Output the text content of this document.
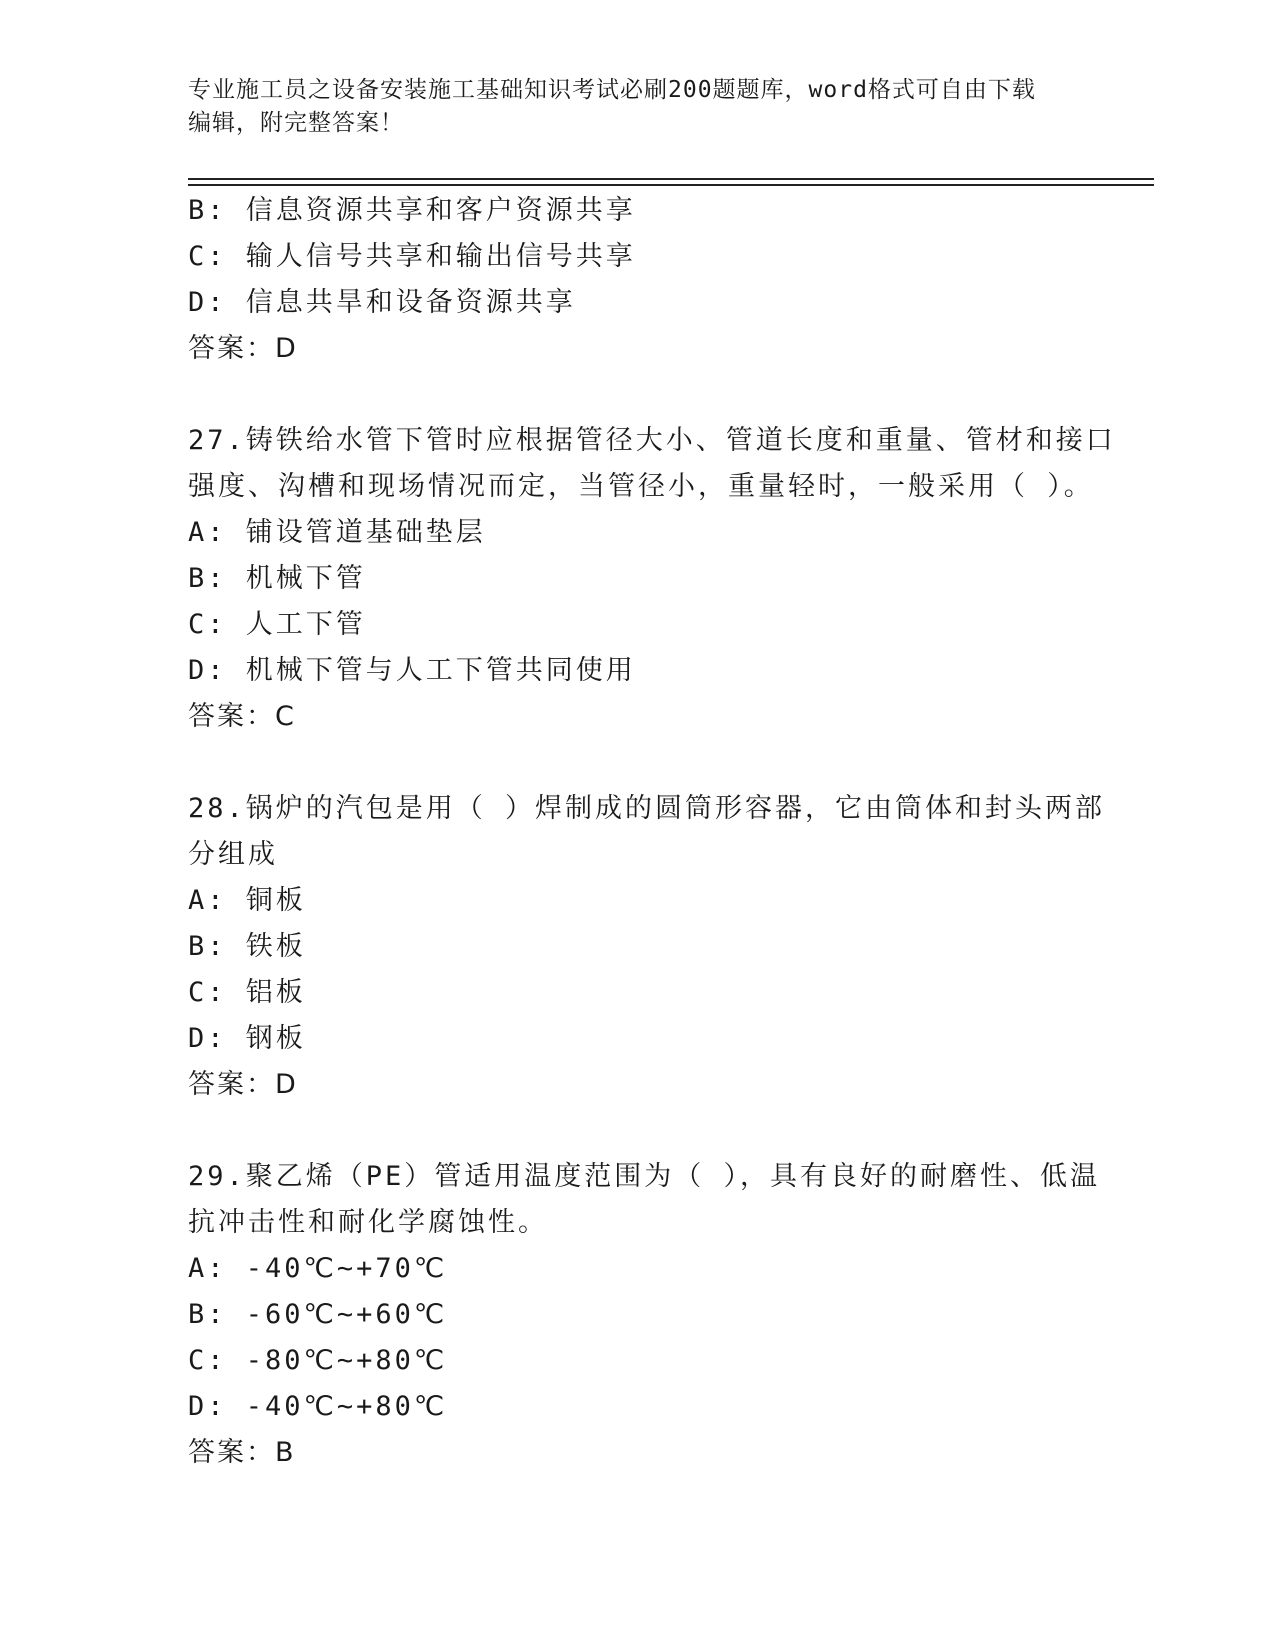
专业施工员之设备安装施工基础知识考试必刷200题题库，word格式可自由下载
编辑，附完整答案！
B: 信息资源共享和客户资源共享
C: 输人信号共享和输出信号共享
D: 信息共旱和设备资源共享
答案：D
27.铸铁给水管下管时应根据管径大小、管道长度和重量、管材和接口
强度、沟槽和现场情况而定，当管径小，重量轻时，一般采用（ ）。
A: 铺设管道基础垫层
B: 机械下管
C: 人工下管
D: 机械下管与人工下管共同使用
答案：C
28.锅炉的汽包是用（ ）焊制成的圆筒形容器，它由筒体和封头两部
分组成
A: 铜板
B: 铁板
C: 铝板
D: 钢板
答案：D
29.聚乙烯（PE）管适用温度范围为（ ），具有良好的耐磨性、低温
抗冲击性和耐化学腐蚀性。
A: -40℃~+70℃
B: -60℃~+60℃
C: -80℃~+80℃
D: -40℃~+80℃
答案：B
